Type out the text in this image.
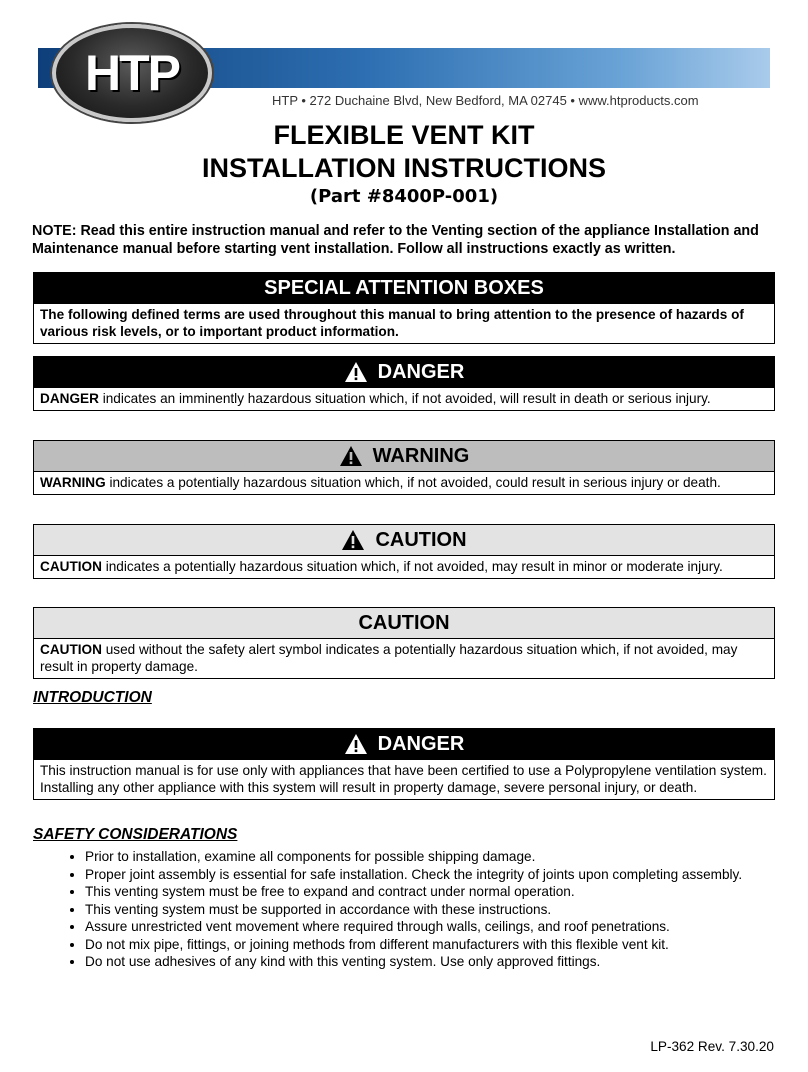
HTP	HTP • 272 Duchaine Blvd, New Bedford, MA 02745 • www.htproducts.com
FLEXIBLE VENT KIT
INSTALLATION INSTRUCTIONS
(Part #8400P-001)
NOTE: Read this entire instruction manual and refer to the Venting section of the appliance Installation and Maintenance manual before starting vent installation. Follow all instructions exactly as written.
SPECIAL ATTENTION BOXES
The following defined terms are used throughout this manual to bring attention to the presence of hazards of various risk levels, or to important product information.
DANGER
DANGER indicates an imminently hazardous situation which, if not avoided, will result in death or serious injury.
WARNING
WARNING indicates a potentially hazardous situation which, if not avoided, could result in serious injury or death.
CAUTION
CAUTION indicates a potentially hazardous situation which, if not avoided, may result in minor or moderate injury.
CAUTION
CAUTION used without the safety alert symbol indicates a potentially hazardous situation which, if not avoided, may result in property damage.
INTRODUCTION
DANGER
This instruction manual is for use only with appliances that have been certified to use a Polypropylene ventilation system. Installing any other appliance with this system will result in property damage, severe personal injury, or death.
SAFETY CONSIDERATIONS
• Prior to installation, examine all components for possible shipping damage.
• Proper joint assembly is essential for safe installation. Check the integrity of joints upon completing assembly.
• This venting system must be free to expand and contract under normal operation.
• This venting system must be supported in accordance with these instructions.
• Assure unrestricted vent movement where required through walls, ceilings, and roof penetrations.
• Do not mix pipe, fittings, or joining methods from different manufacturers with this flexible vent kit.
• Do not use adhesives of any kind with this venting system. Use only approved fittings.
LP-362 Rev. 7.30.20
